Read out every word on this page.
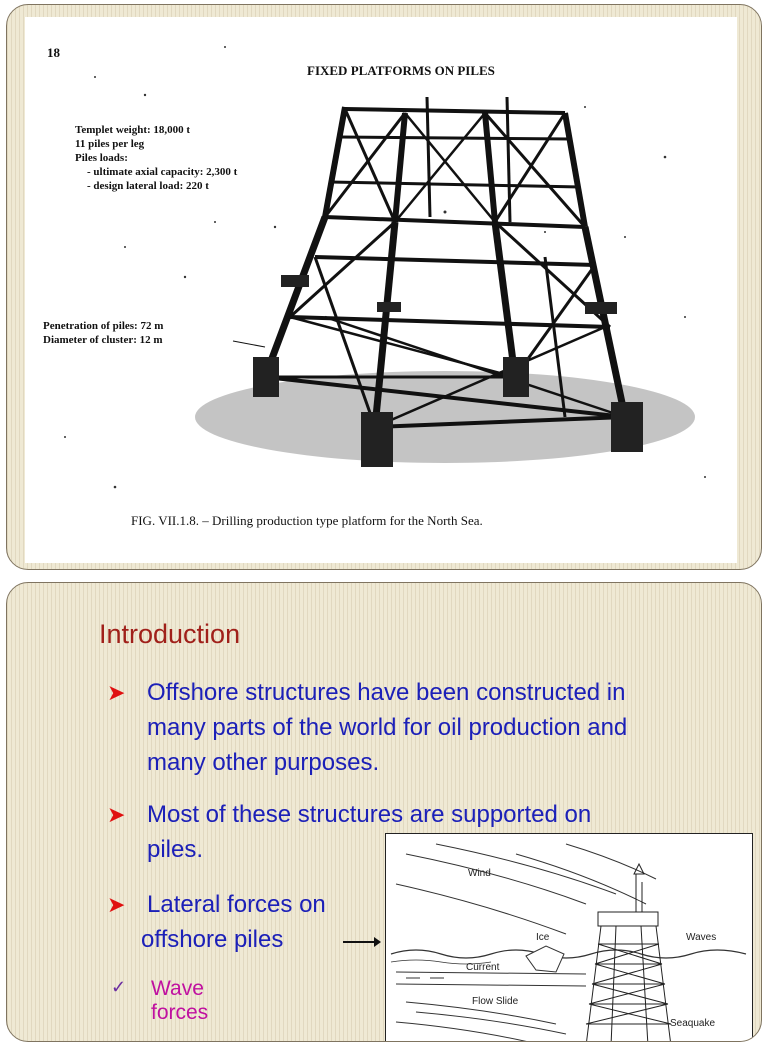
18
FIXED PLATFORMS ON PILES
Templet weight: 18,000 t
11 piles per leg
Piles loads:
- ultimate axial capacity: 2,300 t
- design lateral load: 220 t
Penetration of piles: 72 m
Diameter of cluster: 12 m
FIG. VII.1.8. – Drilling production type platform for the North Sea.
Introduction
➤ Offshore structures have been constructed in
many parts of the world for oil production and
many other purposes.
➤ Most of these structures are supported on
piles.
➤ Lateral forces on
offshore piles
✓ Wave forces
Wind
Ice	Waves
Current
Flow Slide
Seaquake
